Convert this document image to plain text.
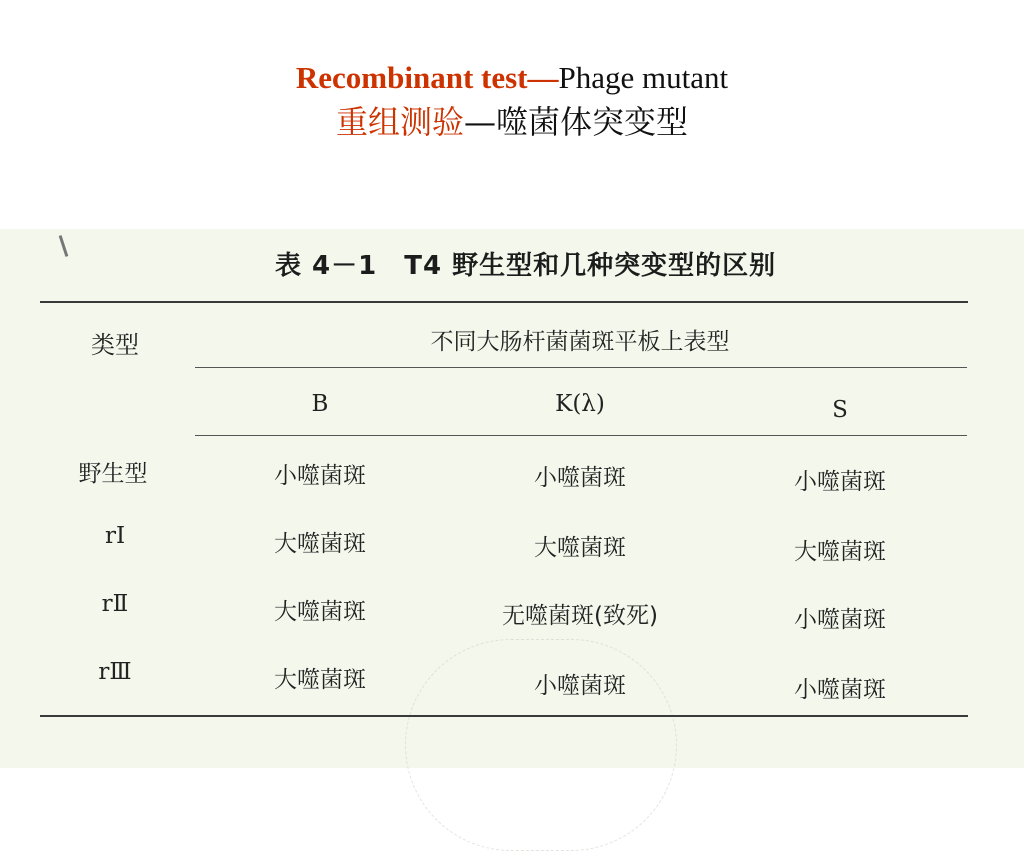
Recombinant test—Phage mutant
重组测验—噬菌体突变型
表 4－1　T4 野生型和几种突变型的区别
类型	不同大肠杆菌菌斑平板上表型
B	K(λ)	S
野生型	小噬菌斑	小噬菌斑	小噬菌斑
rⅠ	大噬菌斑	大噬菌斑	大噬菌斑
rⅡ	大噬菌斑	无噬菌斑(致死)	小噬菌斑
rⅢ	大噬菌斑	小噬菌斑	小噬菌斑
